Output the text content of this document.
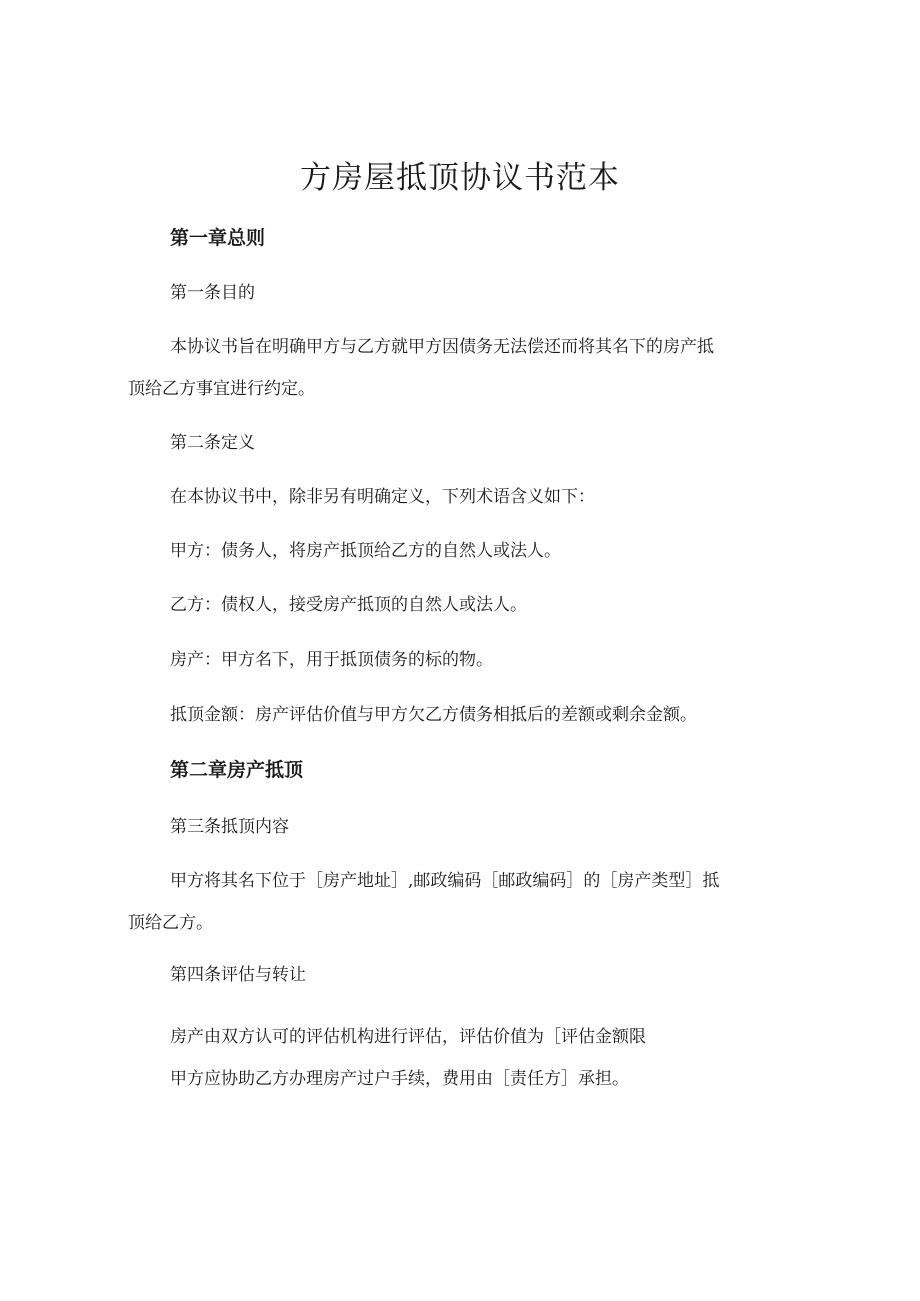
方房屋抵顶协议书范本
第一章总则

第一条目的

本协议书旨在明确甲方与乙方就甲方因债务无法偿还而将其名下的房产抵

顶给乙方事宜进行约定。

第二条定义

在本协议书中，除非另有明确定义，下列术语含义如下：

甲方：债务人，将房产抵顶给乙方的自然人或法人。

乙方：债权人，接受房产抵顶的自然人或法人。

房产：甲方名下，用于抵顶债务的标的物。

抵顶金额：房产评估价值与甲方欠乙方债务相抵后的差额或剩余金额。

第二章房产抵顶

第三条抵顶内容

甲方将其名下位于［房产地址］,邮政编码［邮政编码］的［房产类型］抵

顶给乙方。

第四条评估与转让

房产由双方认可的评估机构进行评估，评估价值为［评估金额限

甲方应协助乙方办理房产过户手续，费用由［责任方］承担。
